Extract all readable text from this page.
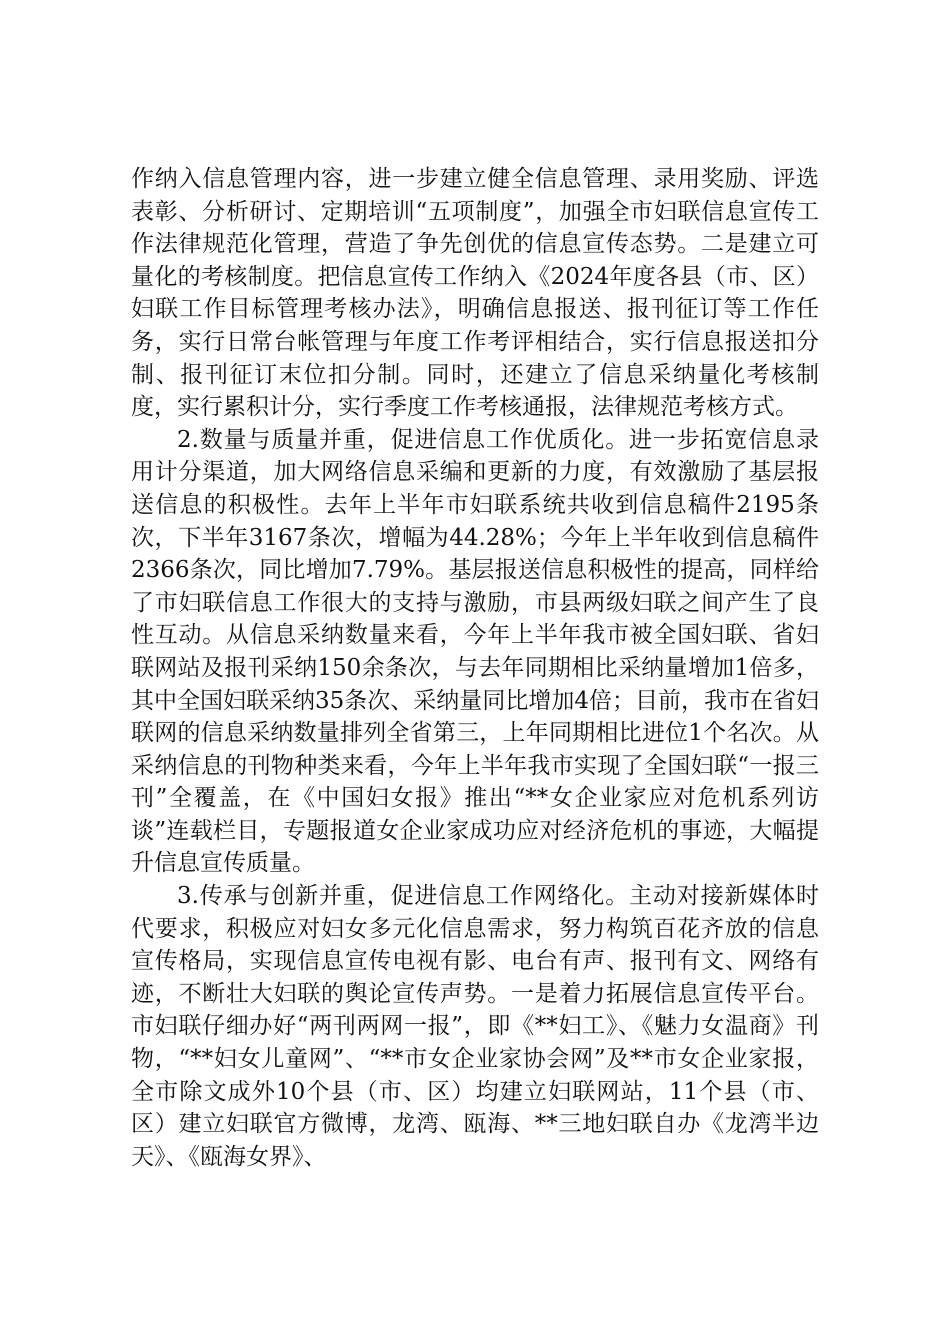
作纳入信息管理内容，进一步建立健全信息管理、录用奖励、评选表彰、分析研讨、定期培训“五项制度”，加强全市妇联信息宣传工作法律规范化管理，营造了争先创优的信息宣传态势。二是建立可量化的考核制度。把信息宣传工作纳入《2024年度各县（市、区）妇联工作目标管理考核办法》，明确信息报送、报刊征订等工作任务，实行日常台帐管理与年度工作考评相结合，实行信息报送扣分制、报刊征订末位扣分制。同时，还建立了信息采纳量化考核制度，实行累积计分，实行季度工作考核通报，法律规范考核方式。

2.数量与质量并重，促进信息工作优质化。进一步拓宽信息录用计分渠道，加大网络信息采编和更新的力度，有效激励了基层报送信息的积极性。去年上半年市妇联系统共收到信息稿件2195条次，下半年3167条次，增幅为44.28%；今年上半年收到信息稿件2366条次，同比增加7.79%。基层报送信息积极性的提高，同样给了市妇联信息工作很大的支持与激励，市县两级妇联之间产生了良性互动。从信息采纳数量来看，今年上半年我市被全国妇联、省妇联网站及报刊采纳150余条次，与去年同期相比采纳量增加1倍多，其中全国妇联采纳35条次、采纳量同比增加4倍；目前，我市在省妇联网的信息采纳数量排列全省第三，上年同期相比进位1个名次。从采纳信息的刊物种类来看，今年上半年我市实现了全国妇联“一报三刊”全覆盖，在《中国妇女报》推出“**女企业家应对危机系列访谈”连载栏目，专题报道女企业家成功应对经济危机的事迹，大幅提升信息宣传质量。

3.传承与创新并重，促进信息工作网络化。主动对接新媒体时代要求，积极应对妇女多元化信息需求，努力构筑百花齐放的信息宣传格局，实现信息宣传电视有影、电台有声、报刊有文、网络有迹，不断壮大妇联的舆论宣传声势。一是着力拓展信息宣传平台。市妇联仔细办好“两刊两网一报”，即《**妇工》、《魅力女温商》刊物，“**妇女儿童网”、“**市女企业家协会网”及**市女企业家报，全市除文成外10个县（市、区）均建立妇联网站，11个县（市、区）建立妇联官方微博，龙湾、瓯海、**三地妇联自办《龙湾半边天》、《瓯海女界》、
